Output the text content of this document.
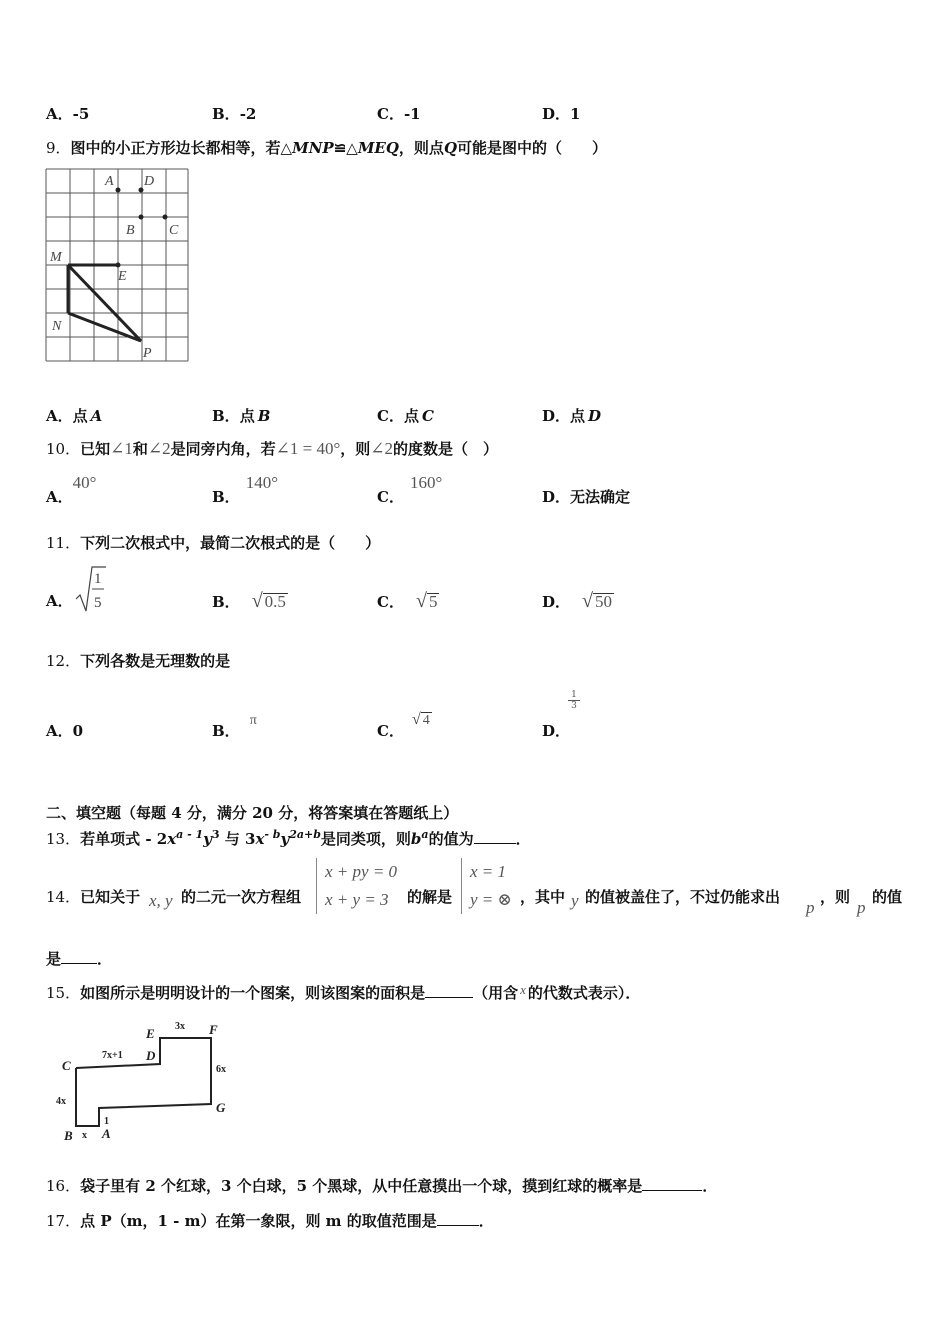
A．-5	B．-2	C．-1	D．1
9．图中的小正方形边长都相等，若△MNP≌△MEQ，则点Q可能是图中的（　　）
A D
B C
M
E
N
P
A．点 A	B．点 B	C．点 C	D．点 D
10．已知∠1和∠2是同旁内角，若∠1 = 40°，则∠2的度数是（　）
A．40°
B．140°
C．160°
D．无法确定
11．下列二次根式中，最简二次根式的是（　　）
A．
1
5	B． √ 0.5	C． √ 5	D． √ 50
12．下列各数是无理数的是
A．0	B．π
C．√ 4
D．
1
3
二、填空题（每题 4 分，满分 20 分，将答案填在答题纸上）
13．若单项式 - $2x^{a - 1}y^3$ 与 $3x^{- b}y^{2a+b}$是同类项，则$b^a$的值为	．
14．已知关于 x, y 的二元一次方程组
x + py = 0
x + y = 3	的解是
x = 1
y = ⊗ ，其中 y 的值被盖住了，不过仍能求出
p
，则
p
的值
是 ．
15．如图所示是明明设计的一个图案，则该图案的面积是	（用含 x 的代数式表示）．
C
D
E	F
G
B A
7x+1
3x
6x
4x
x
1
16．袋子里有 2 个红球，3 个白球，5 个黑球，从中任意摸出一个球，摸到红球的概率是	．
17．点 P（m，1 - m）在第一象限，则 m 的取值范围是	．
